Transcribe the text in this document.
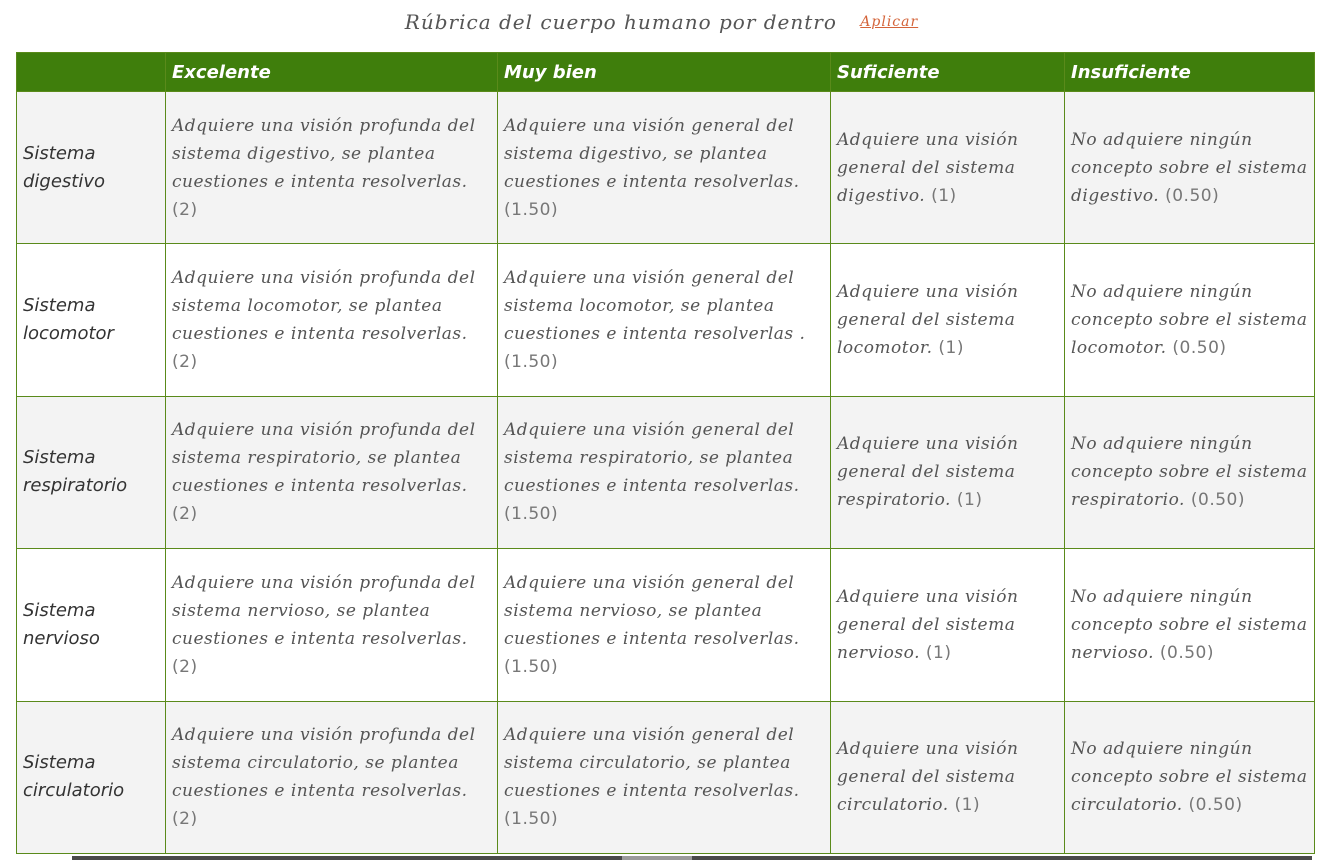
Rúbrica del cuerpo humano por dentro Aplicar
	Excelente	Muy bien	Suficiente	Insuficiente
Sistema digestivo	Adquiere una visión profunda del sistema digestivo, se plantea cuestiones e intenta resolverlas. (2)	Adquiere una visión general del sistema digestivo, se plantea cuestiones e intenta resolverlas. (1.50)	Adquiere una visión general del sistema digestivo. (1)	No adquiere ningún concepto sobre el sistema digestivo. (0.50)
Sistema locomotor	Adquiere una visión profunda del sistema locomotor, se plantea cuestiones e intenta resolverlas. (2)	Adquiere una visión general del sistema locomotor, se plantea cuestiones e intenta resolverlas . (1.50)	Adquiere una visión general del sistema locomotor. (1)	No adquiere ningún concepto sobre el sistema locomotor. (0.50)
Sistema respiratorio	Adquiere una visión profunda del sistema respiratorio, se plantea cuestiones e intenta resolverlas. (2)	Adquiere una visión general del sistema respiratorio, se plantea cuestiones e intenta resolverlas. (1.50)	Adquiere una visión general del sistema respiratorio. (1)	No adquiere ningún concepto sobre el sistema respiratorio. (0.50)
Sistema nervioso	Adquiere una visión profunda del sistema nervioso, se plantea cuestiones e intenta resolverlas. (2)	Adquiere una visión general del sistema nervioso, se plantea cuestiones e intenta resolverlas. (1.50)	Adquiere una visión general del sistema nervioso. (1)	No adquiere ningún concepto sobre el sistema nervioso. (0.50)
Sistema circulatorio	Adquiere una visión profunda del sistema circulatorio, se plantea cuestiones e intenta resolverlas. (2)	Adquiere una visión general del sistema circulatorio, se plantea cuestiones e intenta resolverlas. (1.50)	Adquiere una visión general del sistema circulatorio. (1)	No adquiere ningún concepto sobre el sistema circulatorio. (0.50)
